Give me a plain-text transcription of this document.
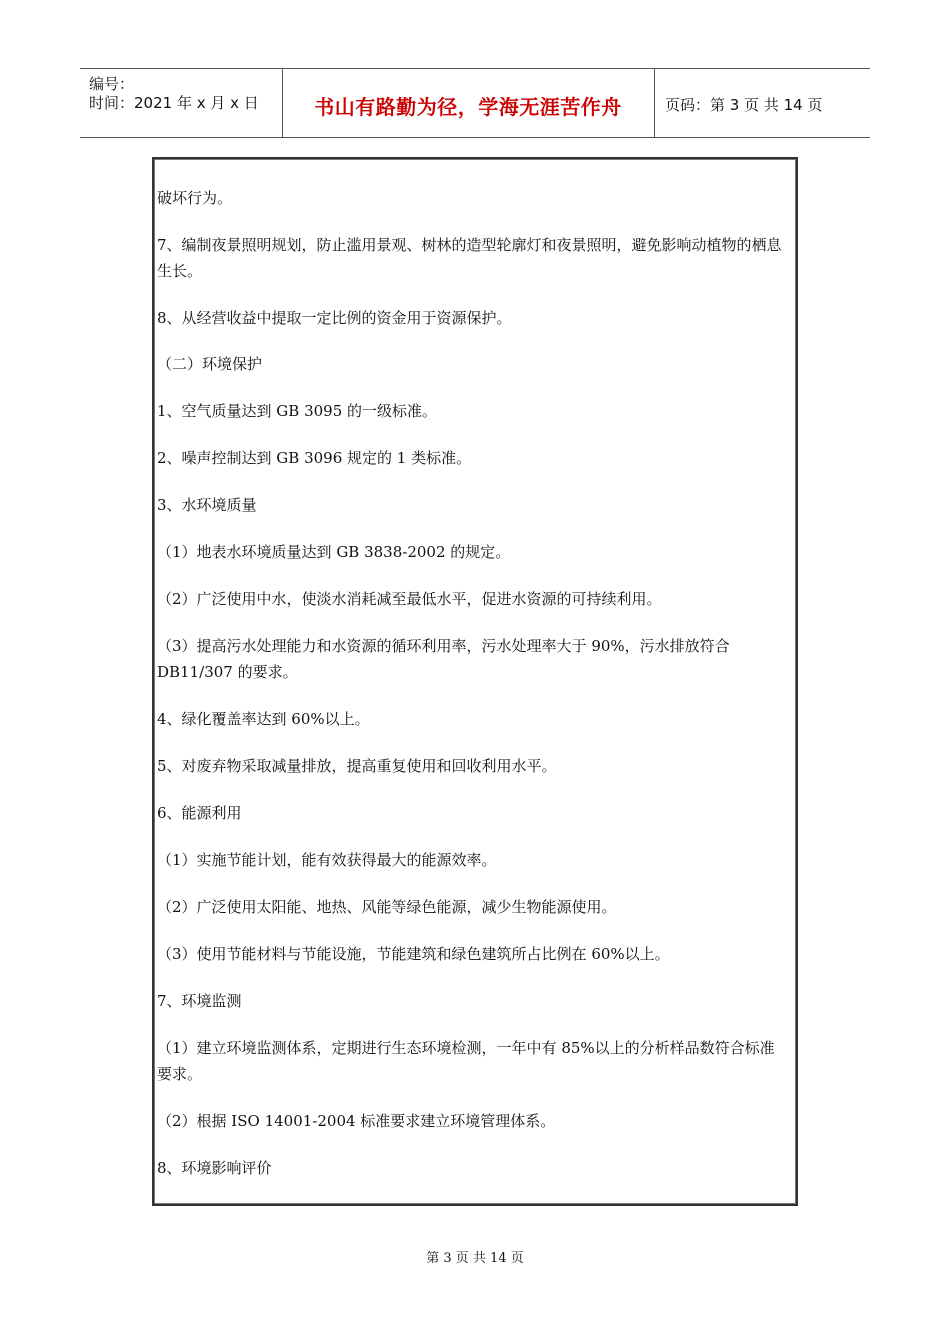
编号：
时间：2021 年 x 月 x 日	书山有路勤为径，学海无涯苦作舟	页码：第 3 页 共 14 页

破坏行为。

7、编制夜景照明规划，防止滥用景观、树林的造型轮廓灯和夜景照明，避免影响动植物的栖息生长。

8、从经营收益中提取一定比例的资金用于资源保护。

（二）环境保护

1、空气质量达到 GB 3095 的一级标准。

2、噪声控制达到 GB 3096 规定的 1 类标准。

3、水环境质量

（1）地表水环境质量达到 GB 3838-2002 的规定。

（2）广泛使用中水，使淡水消耗减至最低水平，促进水资源的可持续利用。

（3）提高污水处理能力和水资源的循环利用率，污水处理率大于 90%，污水排放符合 DB11/307 的要求。

4、绿化覆盖率达到 60%以上。

5、对废弃物采取减量排放，提高重复使用和回收利用水平。

6、能源利用

（1）实施节能计划，能有效获得最大的能源效率。

（2）广泛使用太阳能、地热、风能等绿色能源，减少生物能源使用。

（3）使用节能材料与节能设施，节能建筑和绿色建筑所占比例在 60%以上。

7、环境监测

（1）建立环境监测体系，定期进行生态环境检测，一年中有 85%以上的分析样品数符合标准要求。

（2）根据 ISO 14001-2004 标准要求建立环境管理体系。

8、环境影响评价

第 3 页 共 14 页
